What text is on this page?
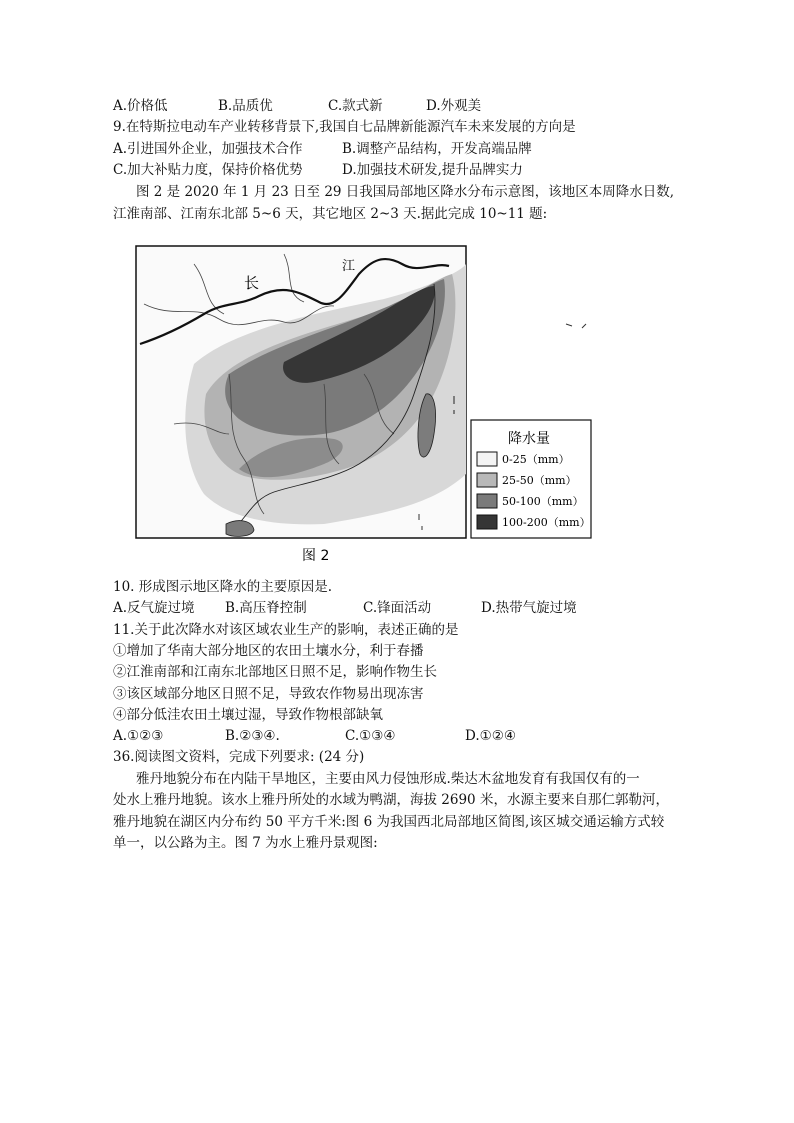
A.价格低	B.品质优	C.款式新	D.外观美
9.在特斯拉电动车产业转移背景下,我国自七品牌新能源汽车未来发展的方向是
A.引进国外企业，加强技术合作	B.调整产品结构，开发高端品牌
C.加大补贴力度，保持价格优势	D.加强技术研发,提升品牌实力
图 2 是 2020 年 1 月 23 日至 29 日我国局部地区降水分布示意图，该地区本周降水日数,
江淮南部、江南东北部 5~6 天，其它地区 2~3 天.据此完成 10~11 题:
长
江
降水量
0-25（mm）
25-50（mm）
50-100（mm）
100-200（mm）
图 2
10. 形成图示地区降水的主要原因是.
A.反气旋过境 B.高压脊控制	C.锋面活动	D.热带气旋过境
11.关于此次降水对该区域农业生产的影响，表述正确的是
①增加了华南大部分地区的农田土壤水分，利于春播
②江淮南部和江南东北部地区日照不足，影响作物生长
③该区域部分地区日照不足，导致农作物易出现冻害
④部分低洼农田土壤过湿，导致作物根部缺氧
A.①②③	B.②③④.	C.①③④	D.①②④
36.阅读图文资料，完成下列要求: (24 分)
雅丹地貌分布在内陆干旱地区，主要由风力侵蚀形成.柴达木盆地发育有我国仅有的一
处水上雅丹地貌。该水上雅丹所处的水域为鸭湖，海拔 2690 米，水源主要来自那仁郭勒河，
雅丹地貌在湖区内分布约 50 平方千米:图 6 为我国西北局部地区简图,该区城交通运输方式较
单一，以公路为主。图 7 为水上雅丹景观图:
